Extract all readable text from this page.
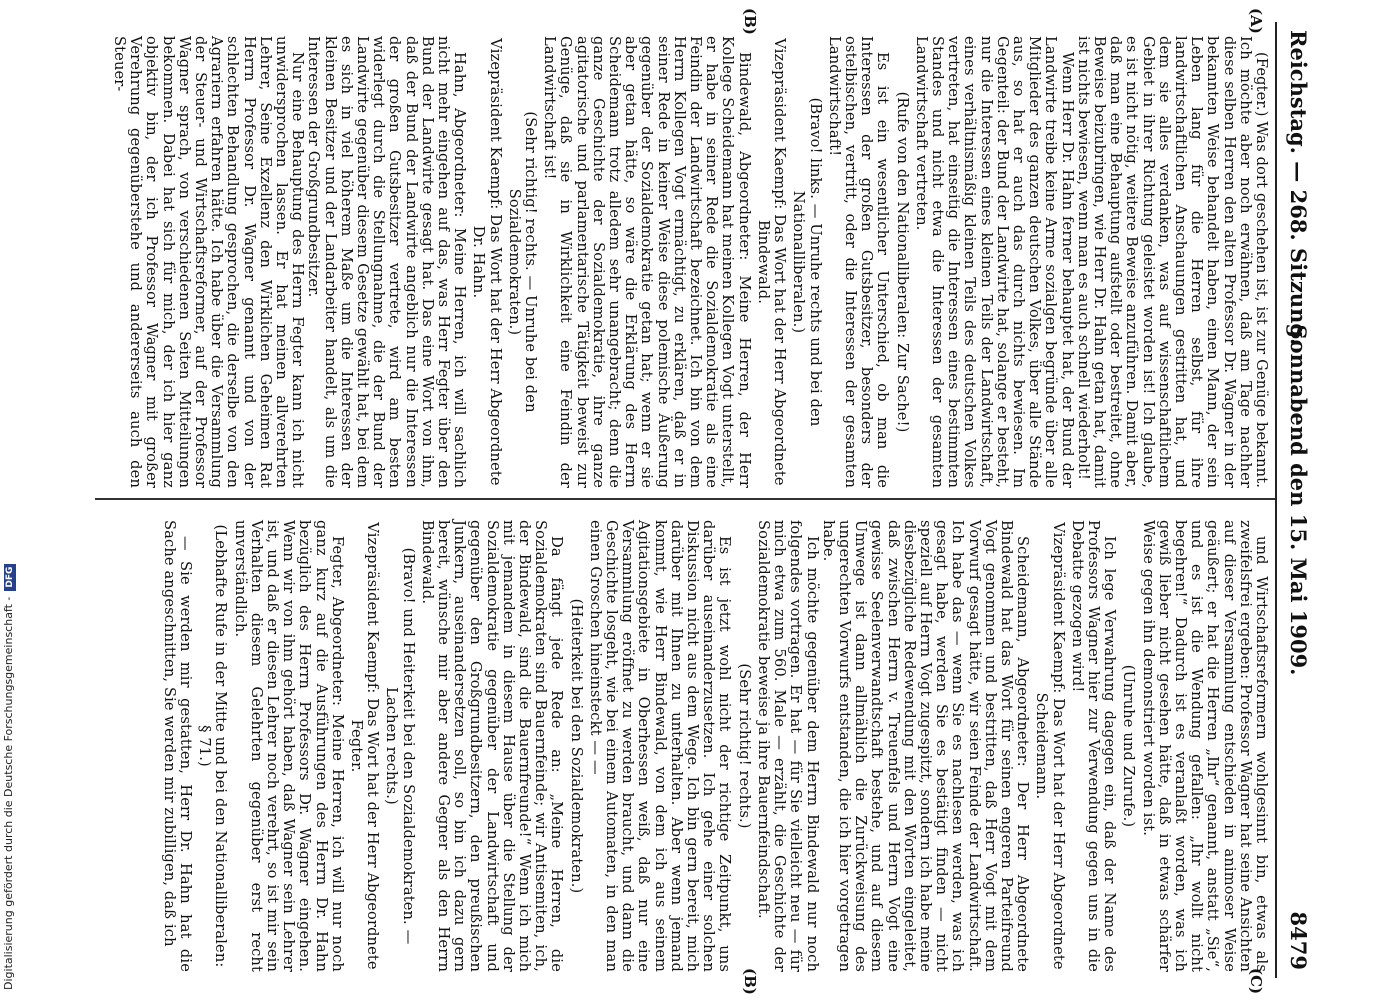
Reichstag. — 268. Sitzung.
Sonnabend den 15. Mai 1909.
8479
(A)
(B)
(B)	(C)

(Fegter.) Was dort geschehen ist, ist zur Genüge bekannt. Ich möchte aber noch erwähnen, daß am Tage nachher diese selben Herren den alten Professor Dr. Wagner in der bekannten Weise behandelt haben, einen Mann, der sein Leben lang für die Herren selbst, für ihre landwirtschaftlichen Anschauungen gestritten hat, und dem sie alles verdanken, was auf wissenschaftlichem Gebiet in ihrer Richtung geleistet worden ist! Ich glaube, es ist nicht nötig, weitere Beweise anzuführen. Damit aber, daß man eine Behauptung aufstellt oder bestreitet, ohne Beweise beizubringen, wie Herr Dr. Hahn getan hat, damit ist nichts bewiesen, wenn man es auch schnell wiederholt!

Wenn Herr Dr. Hahn ferner behauptet hat, der Bund der Landwirte treibe keine Arme sozialgen begründe über alle Mitglieder des ganzen deutschen Volkes, über alle Stände aus, so hat er auch das durch nichts bewiesen. Im Gegenteil: der Bund der Landwirte hat, solange er besteht, nur die Interessen eines kleinen Teils der Landwirtschaft, eines verhältnismäßig kleinen Teils des deutschen Volkes vertreten, hat einseitig die Interessen eines bestimmten Standes und nicht etwa die Interessen der gesamten Landwirtschaft vertreten.

(Rufe von den Nationalliberalen: Zur Sache!)

Es ist ein wesentlicher Unterschied, ob man die Interessen der großen Gutsbesitzer, besonders der ostelbischen, vertritt, oder die Interessen der gesamten Landwirtschaft!

(Bravo! links. — Unruhe rechts und bei den Nationalliberalen.)

Vizepräsident Kaempf: Das Wort hat der Herr Abgeordnete Bindewald.

Bindewald, Abgeordneter: Meine Herren, der Herr Kollege Scheidemann hat meinen Kollegen Vogt unterstellt, er habe in seiner Rede die Sozialdemokratie als eine Feindin der Landwirtschaft bezeichnet. Ich bin von dem Herrn Kollegen Vogt ermächtigt, zu erklären, daß er in seiner Rede in keiner Weise diese polemische Äußerung gegenüber der Sozialdemokratie getan hat; wenn er sie aber getan hätte, so wäre die Erklärung des Herrn Scheidemann trotz alledem sehr unangebracht; denn die ganze Geschichte der Sozialdemokratie, ihre ganze agitatorische und parlamentarische Tätigkeit beweist zur Genüge, daß sie in Wirklichkeit eine Feindin der Landwirtschaft ist!

(Sehr richtig! rechts. — Unruhe bei den Sozialdemokraten.)

Vizepräsident Kaempf: Das Wort hat der Herr Abgeordnete Dr. Hahn.

Hahn, Abgeordneter: Meine Herren, ich will sachlich nicht mehr eingehen auf das, was Herr Fegter über den Bund der Landwirte gesagt hat. Das eine Wort von ihm, daß der Bund der Landwirte angeblich nur die Interessen der großen Gutsbesitzer vertrete, wird am besten widerlegt durch die Stellungnahme, die der Bund der Landwirte gegenüber diesem Gesetze gewählt hat, bei dem es sich in viel höherem Maße um die Interessen der kleinen Besitzer und der Landarbeiter handelt, als um die Interessen der Großgrundbesitzer.

Nur eine Behauptung des Herrn Fegter kann ich nicht unwidersprochen lassen. Er hat meinen allverehrten Lehrer, Seine Exzellenz den Wirklichen Geheimen Rat Herrn Professor Dr. Wagner genannt und von der schlechten Behandlung gesprochen, die derselbe von den Agrariern erfahren hätte. Ich habe über die Versammlung der Steuer- und Wirtschaftsreformer, auf der Professor Wagner sprach, von verschiedenen Seiten Mitteilungen bekommen. Dabei hat sich für mich, der ich hier ganz objektiv bin, der ich Professor Wagner mit großer Verehrung gegenüberstehe und andererseits auch den Steuer-

und Wirtschaftsreformern wohlgesinnt bin, etwas als zweifelsfrei ergeben: Professor Wagner hat seine Ansichten auf dieser Versammlung entschieden in animoser Weise geäußert; er hat die Herren „Ihr“ genannt, anstatt „Sie“, und es ist die Wendung gefallen: „Ihr wollt nicht begehren!“ Dadurch ist es veranlaßt worden, was ich gewiß lieber nicht gesehen hätte, daß in etwas schärfer Weise gegen ihn demonstriert worden ist.

(Unruhe und Zurufe.)

Ich lege Verwahrung dagegen ein, daß der Name des Professors Wagner hier zur Verwendung gegen uns in die Debatte gezogen wird!

Vizepräsident Kaempf: Das Wort hat der Herr Abgeordnete Scheidemann.

Scheidemann, Abgeordneter: Der Herr Abgeordnete Bindewald hat das Wort für seinen engeren Parteifreund Vogt genommen und bestritten, daß Herr Vogt mit dem Vorwurf gesagt hätte, wir seien Feinde der Landwirtschaft. Ich habe das — wenn Sie es nachlesen werden, was ich gesagt habe, werden Sie es bestätigt finden — nicht speziell auf Herrn Vogt zugespitzt, sondern ich habe meine diesbezügliche Redewendung mit den Worten eingeleitet, daß zwischen Herrn v. Treuenfels und Herrn Vogt eine gewisse Seelenverwandtschaft bestehe, und auf diesem Umwege ist dann allmählich die Zurückweisung des ungerechten Vorwurfs entstanden, die ich hier vorgetragen habe.

Ich möchte gegenüber dem Herrn Bindewald nur noch folgendes vortragen. Er hat — für Sie vielleicht neu — für mich etwa zum 560. Male — erzählt, die Geschichte der Sozialdemokratie beweise ja ihre Bauernfeindschaft.

(Sehr richtig! rechts.)

Es ist jetzt wohl nicht der richtige Zeitpunkt, uns darüber auseinanderzusetzen. Ich gehe einer solchen Diskussion nicht aus dem Wege. Ich bin gern bereit, mich darüber mit Ihnen zu unterhalten. Aber wenn jemand kommt, wie Herr Bindewald, von dem ich aus seinem Agitationsgebiete in Oberhessen weiß, daß nur eine Versammlung eröffnet zu werden braucht, und dann die Geschichte losgeht, wie bei einem Automaten, in den man einen Groschen hineinsteckt — —

(Heiterkeit bei den Sozialdemokraten.)

Da fängt jede Rede an: „Meine Herren, die Sozialdemokraten sind Bauernfeinde; wir Antisemiten, ich, der Bindewald, sind die Bauernfreunde!“ Wenn ich mich mit jemandem in diesem Hause über die Stellung der Sozialdemokratie gegenüber der Landwirtschaft und gegenüber den Großgrundbesitzern, den preußischen Junkern, auseinandersetzen soll, so bin ich dazu gern bereit, wünsche mir aber andere Gegner als den Herrn Bindewald.

(Bravo! und Heiterkeit bei den Sozialdemokraten. — Lachen rechts.)

Vizepräsident Kaempf: Das Wort hat der Herr Abgeordnete Fegter.

Fegter, Abgeordneter: Meine Herren, ich will nur noch ganz kurz auf die Ausführungen des Herrn Dr. Hahn bezüglich des Herrn Professors Dr. Wagner eingehen. Wenn wir von ihm gehört haben, daß Wagner sein Lehrer ist, und daß er diesen Lehrer noch verehrt, so ist mir sein Verhalten diesem Gelehrten gegenüber erst recht unverständlich.

(Lebhafte Rufe in der Mitte und bei den Nationalliberalen: § 71.)

— Sie werden mir gestatten, Herr Dr. Hahn hat die Sache angeschnitten, Sie werden mir zubilligen, daß ich

Digitalisierung gefördert durch die Deutsche Forschungsgemeinschaft -DFG
